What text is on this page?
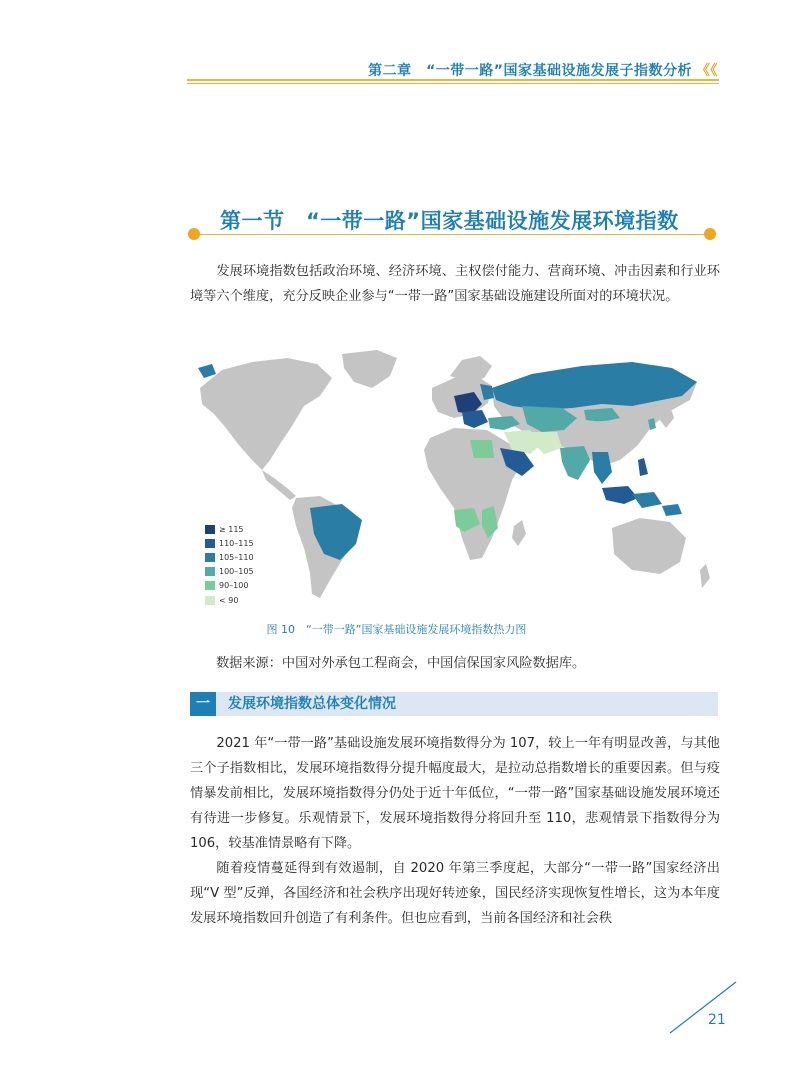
第二章　“一带一路”国家基础设施发展子指数分析 《《
第一节　“一带一路”国家基础设施发展环境指数

发展环境指数包括政治环境、经济环境、主权偿付能力、营商环境、冲击因素和行业环境等六个维度，充分反映企业参与“一带一路”国家基础设施建设所面对的环境状况。

≥ 115
110–115
105–110
100–105
90–100
< 90
图 10　“一带一路”国家基础设施发展环境指数热力图
数据来源：中国对外承包工程商会，中国信保国家风险数据库。
一	发展环境指数总体变化情况

2021 年“一带一路”基础设施发展环境指数得分为 107，较上一年有明显改善，与其他三个子指数相比，发展环境指数得分提升幅度最大，是拉动总指数增长的重要因素。但与疫情暴发前相比，发展环境指数得分仍处于近十年低位，“一带一路”国家基础设施发展环境还有待进一步修复。乐观情景下，发展环境指数得分将回升至 110，悲观情景下指数得分为 106，较基准情景略有下降。

随着疫情蔓延得到有效遏制，自 2020 年第三季度起，大部分“一带一路”国家经济出现“V 型”反弹，各国经济和社会秩序出现好转迹象，国民经济实现恢复性增长，这为本年度发展环境指数回升创造了有利条件。但也应看到，当前各国经济和社会秩

21
